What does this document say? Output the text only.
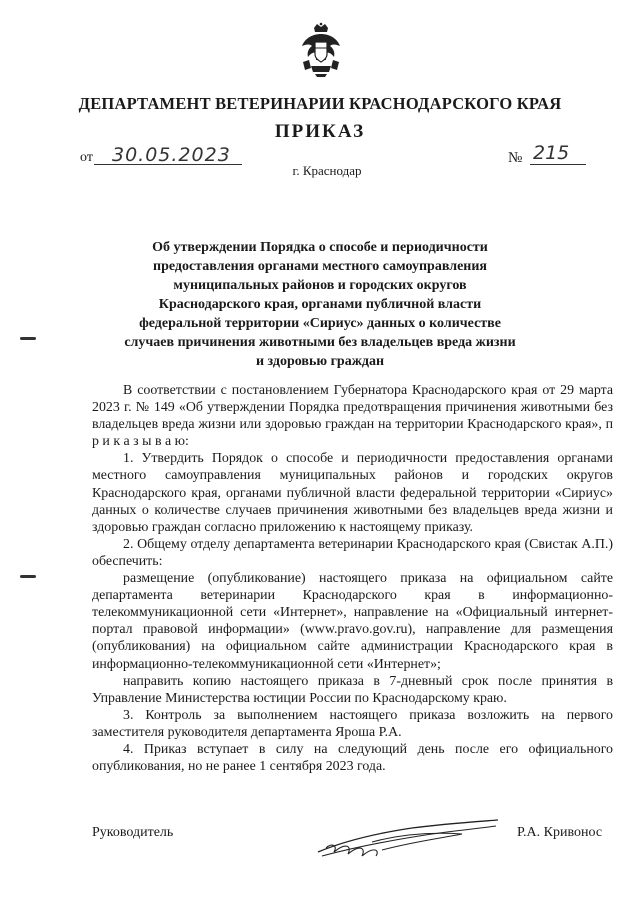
ДЕПАРТАМЕНТ ВЕТЕРИНАРИИ КРАСНОДАРСКОГО КРАЯ
ПРИКАЗ
от 30.05.2023
г. Краснодар
№ 215
Об утверждении Порядка о способе и периодичности
предоставления органами местного самоуправления
муниципальных районов и городских округов
Краснодарского края, органами публичной власти
федеральной территории «Сириус» данных о количестве
случаев причинения животными без владельцев вреда жизни
и здоровью граждан

В соответствии с постановлением Губернатора Краснодарского края от 29 марта 2023 г. № 149 «Об утверждении Порядка предотвращения причинения животными без владельцев вреда жизни или здоровью граждан на территории Краснодарского края», п р и к а з ы в а ю:

1. Утвердить Порядок о способе и периодичности предоставления органами местного самоуправления муниципальных районов и городских округов Краснодарского края, органами публичной власти федеральной территории «Сириус» данных о количестве случаев причинения животными без владельцев вреда жизни и здоровью граждан согласно приложению к настоящему приказу.

2. Общему отделу департамента ветеринарии Краснодарского края (Свистак А.П.) обеспечить:

размещение (опубликование) настоящего приказа на официальном сайте департамента ветеринарии Краснодарского края в информационно-телекоммуникационной сети «Интернет», направление на «Официальный интернет-портал правовой информации» (www.pravo.gov.ru), направление для размещения (опубликования) на официальном сайте администрации Краснодарского края в информационно-телекоммуникационной сети «Интернет»;

направить копию настоящего приказа в 7-дневный срок после принятия в Управление Министерства юстиции России по Краснодарскому краю.

3. Контроль за выполнением настоящего приказа возложить на первого заместителя руководителя департамента Ярошa Р.А.

4. Приказ вступает в силу на следующий день после его официального опубликования, но не ранее 1 сентября 2023 года.

Руководитель	Р.А. Кривонос
